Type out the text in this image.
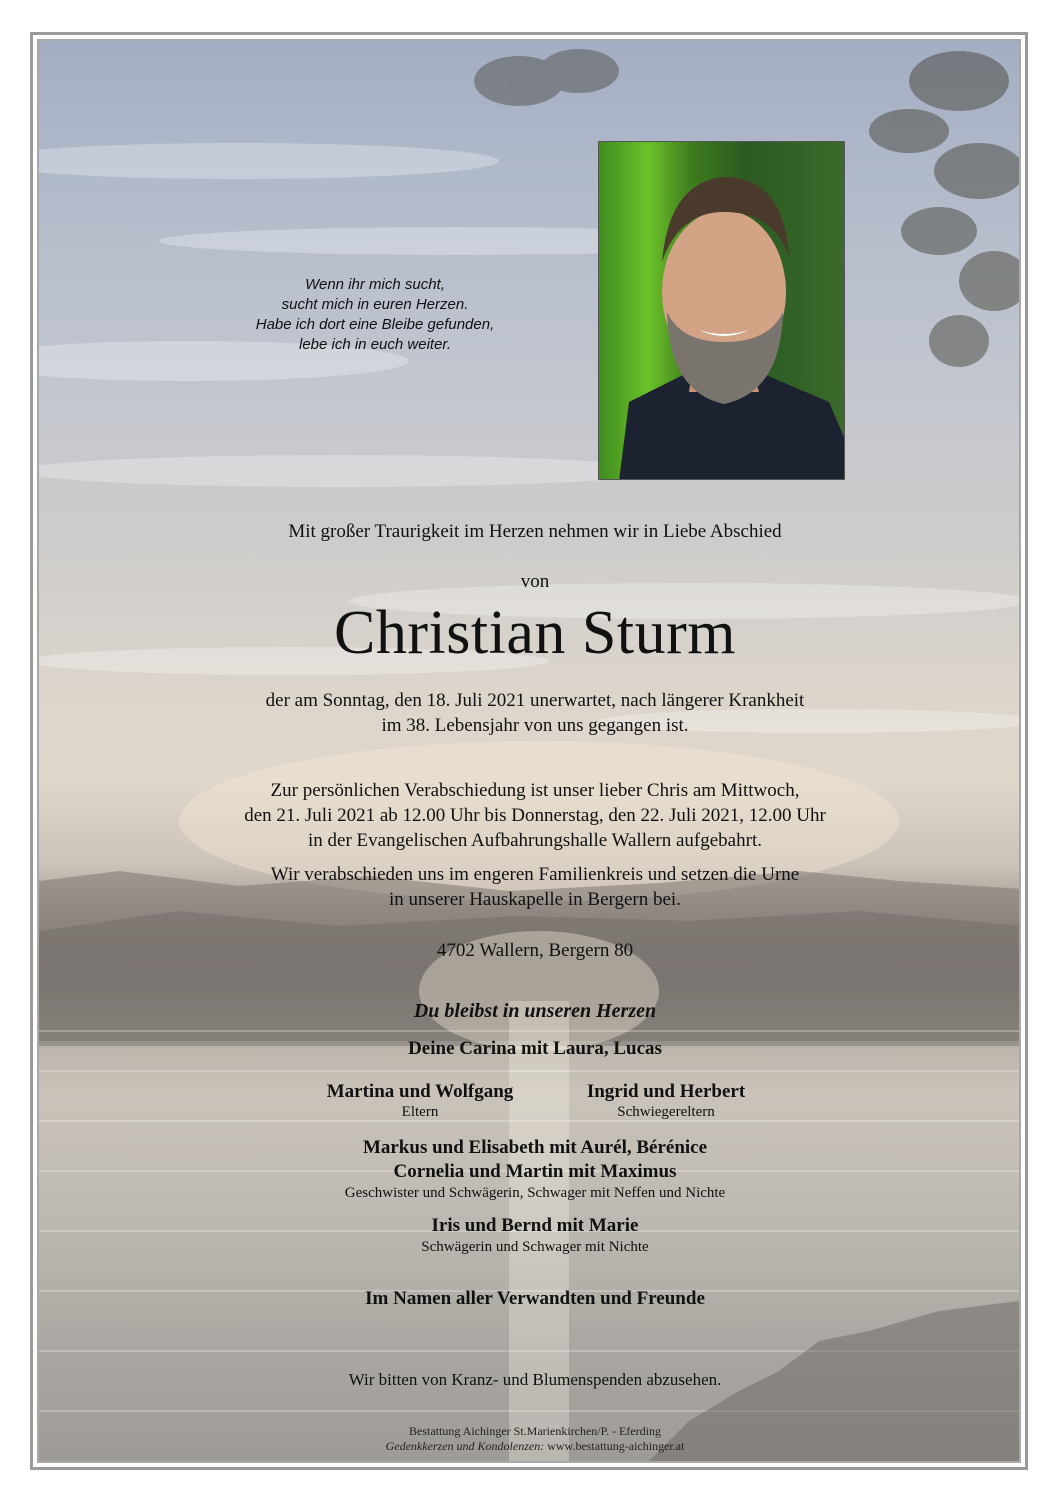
Wenn ihr mich sucht,
sucht mich in euren Herzen.
Habe ich dort eine Bleibe gefunden,
lebe ich in euch weiter.
Mit großer Traurigkeit im Herzen nehmen wir in Liebe Abschied
von
Christian Sturm
der am Sonntag, den 18. Juli 2021 unerwartet, nach längerer Krankheit
im 38. Lebensjahr von uns gegangen ist.
Zur persönlichen Verabschiedung ist unser lieber Chris am Mittwoch,
den 21. Juli 2021 ab 12.00 Uhr bis Donnerstag, den 22. Juli 2021, 12.00 Uhr
in der Evangelischen Aufbahrungshalle Wallern aufgebahrt.
Wir verabschieden uns im engeren Familienkreis und setzen die Urne
in unserer Hauskapelle in Bergern bei.
4702 Wallern, Bergern 80
Du bleibst in unseren Herzen
Deine Carina mit Laura, Lucas
Martina und Wolfgang
Eltern
Ingrid und Herbert
Schwiegereltern
Markus und Elisabeth mit Aurél, Bérénice
Cornelia und Martin mit Maximus
Geschwister und Schwägerin, Schwager mit Neffen und Nichte
Iris und Bernd mit Marie
Schwägerin und Schwager mit Nichte
Im Namen aller Verwandten und Freunde
Wir bitten von Kranz- und Blumenspenden abzusehen.
Bestattung Aichinger St.Marienkirchen/P. - Eferding
Gedenkkerzen und Kondolenzen: www.bestattung-aichinger.at
